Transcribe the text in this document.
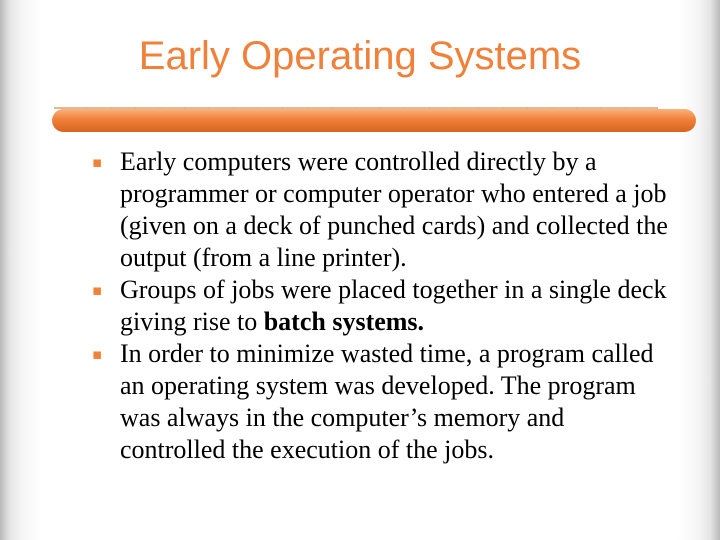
Early Operating Systems
▪ Early computers were controlled directly by a programmer or computer operator who entered a job (given on a deck of punched cards) and collected the output (from a line printer).
▪ Groups of jobs were placed together in a single deck giving rise to batch systems.
▪ In order to minimize wasted time, a program called an operating system was developed. The program was always in the computer’s memory and controlled the execution of the jobs.
